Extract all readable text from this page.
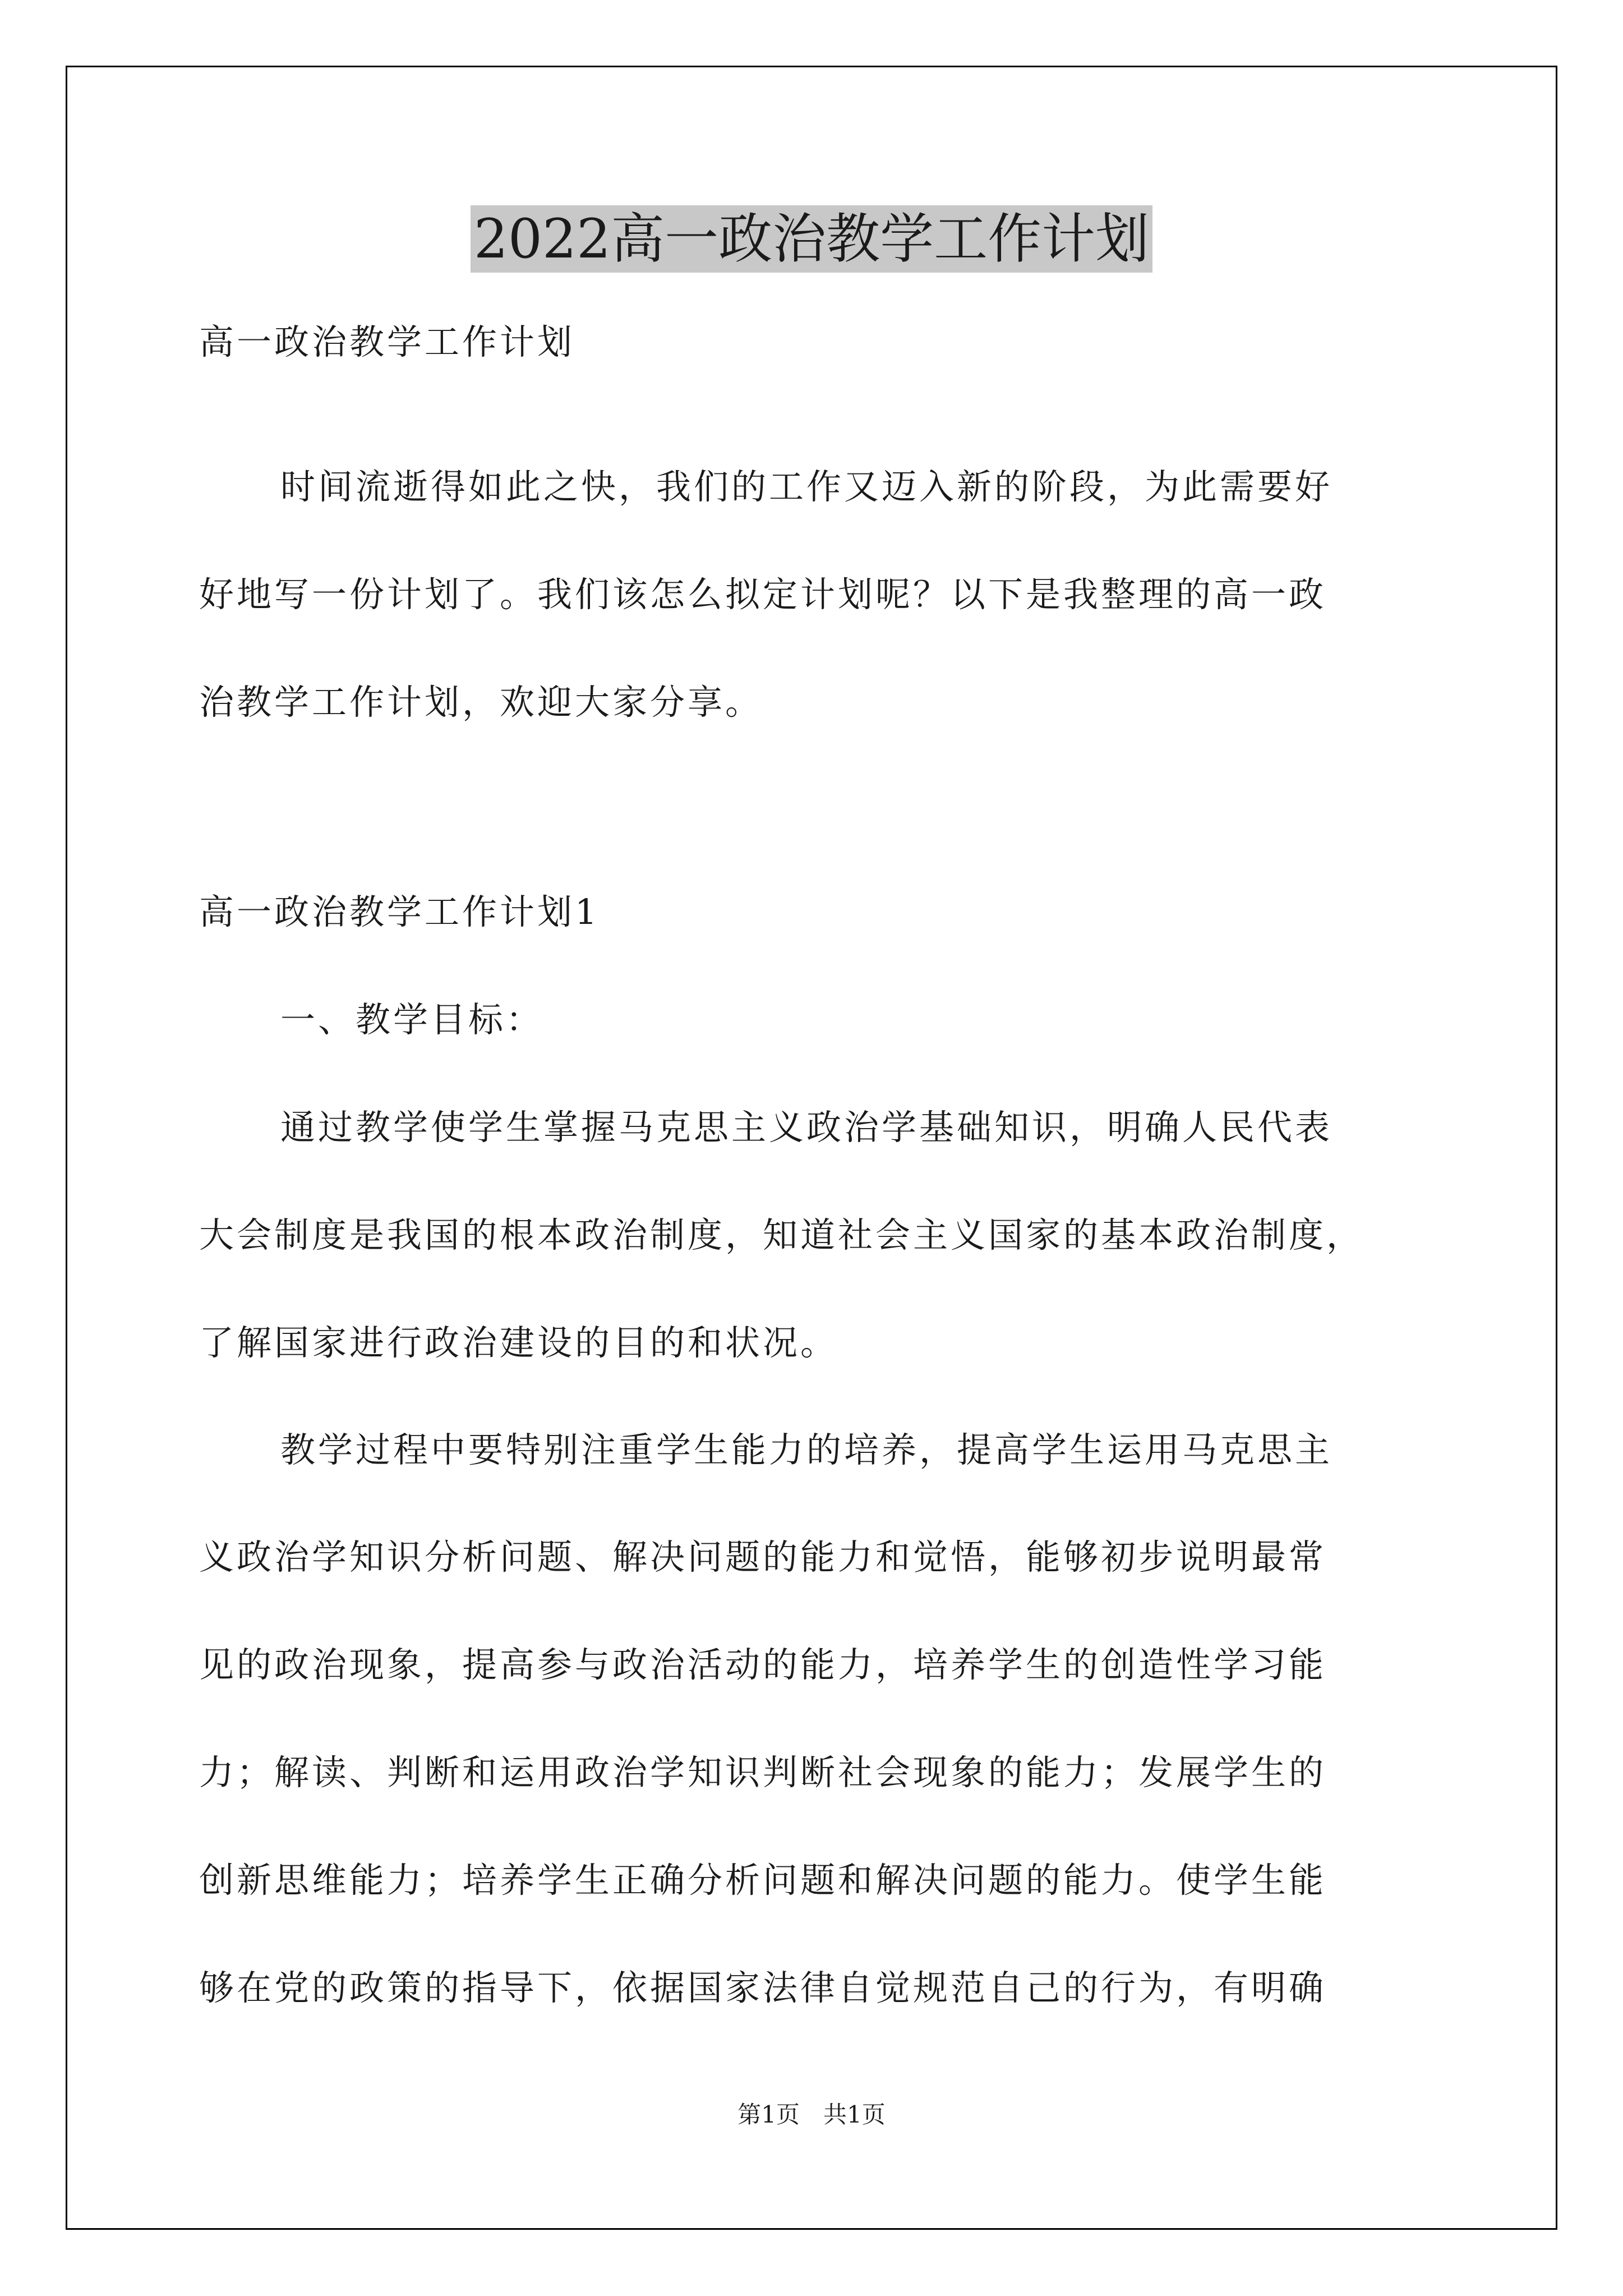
2022高一政治教学工作计划
高一政治教学工作计划
时间流逝得如此之快，我们的工作又迈入新的阶段，为此需要好
好地写一份计划了。我们该怎么拟定计划呢？以下是我整理的高一政
治教学工作计划，欢迎大家分享。
高一政治教学工作计划1
一、教学目标：
通过教学使学生掌握马克思主义政治学基础知识，明确人民代表
大会制度是我国的根本政治制度，知道社会主义国家的基本政治制度，
了解国家进行政治建设的目的和状况。
教学过程中要特别注重学生能力的培养，提高学生运用马克思主
义政治学知识分析问题、解决问题的能力和觉悟，能够初步说明最常
见的政治现象，提高参与政治活动的能力，培养学生的创造性学习能
力；解读、判断和运用政治学知识判断社会现象的能力；发展学生的
创新思维能力；培养学生正确分析问题和解决问题的能力。使学生能
够在党的政策的指导下，依据国家法律自觉规范自己的行为，有明确
第1页　共1页
